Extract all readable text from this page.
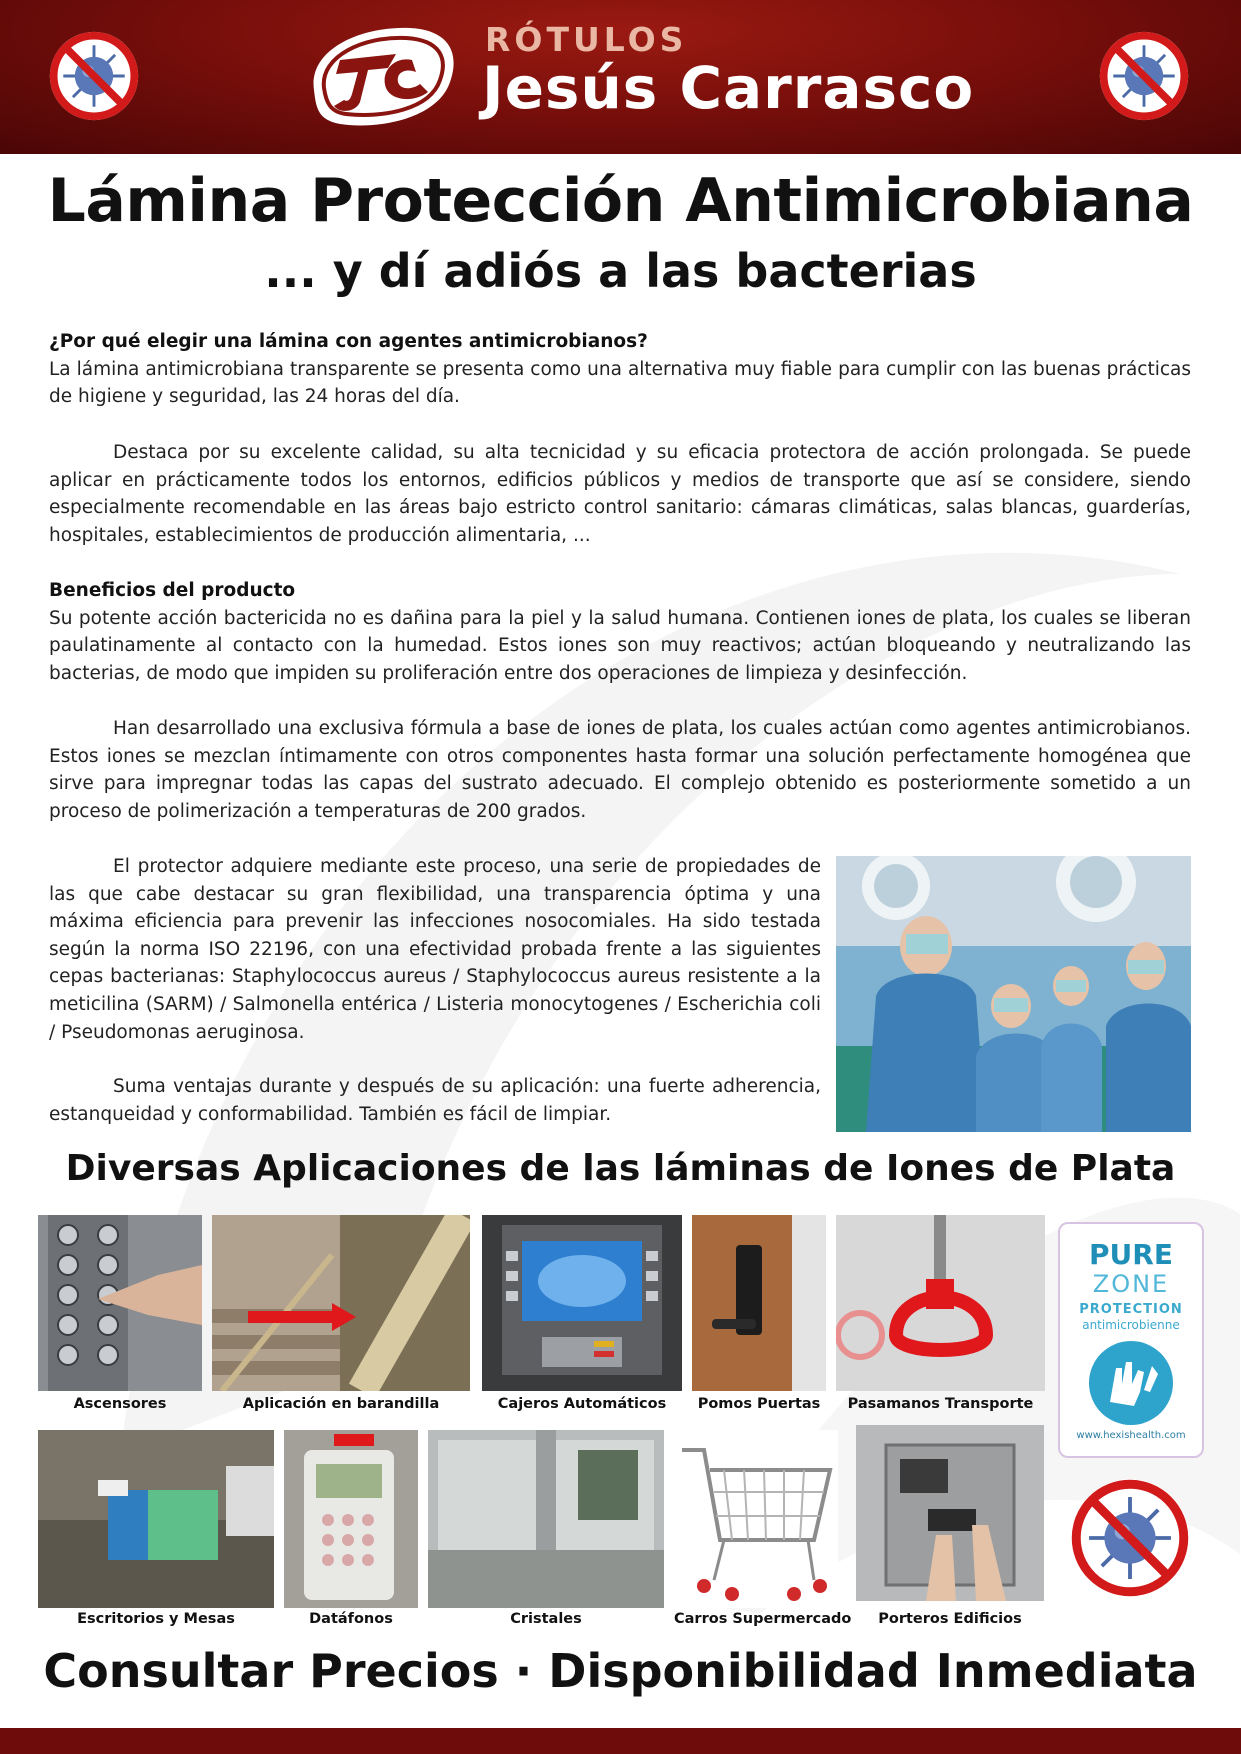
RÓTULOS
Jesús Carrasco
Lámina Protección Antimicrobiana
... y dí adiós a las bacterias

¿Por qué elegir una lámina con agentes antimicrobianos?

La lámina antimicrobiana transparente se presenta como una alternativa muy fiable para cumplir con las buenas prácticas de higiene y seguridad, las 24 horas del día.

Destaca por su excelente calidad, su alta tecnicidad y su eficacia protectora de acción prolongada. Se puede aplicar en prácticamente todos los entornos, edificios públicos y medios de transporte que así se considere, siendo especialmente recomendable en las áreas bajo estricto control sanitario: cámaras climáticas, salas blancas, guarderías, hospitales, establecimientos de producción alimentaria, ...

Beneficios del producto

Su potente acción bactericida no es dañina para la piel y la salud humana. Contienen iones de plata, los cuales se liberan paulatinamente al contacto con la humedad. Estos iones son muy reactivos; actúan bloqueando y neutralizando las bacterias, de modo que impiden su proliferación entre dos operaciones de limpieza y desinfección.

Han desarrollado una exclusiva fórmula a base de iones de plata, los cuales actúan como agentes antimicrobianos. Estos iones se mezclan íntimamente con otros componentes hasta formar una solución perfectamente homogénea que sirve para impregnar todas las capas del sustrato adecuado. El complejo obtenido es posteriormente sometido a un proceso de polimerización a temperaturas de 200 grados.

El protector adquiere mediante este proceso, una serie de propiedades de las que cabe destacar su gran flexibilidad, una transparencia óptima y una máxima eficiencia para prevenir las infecciones nosocomiales. Ha sido testada según la norma ISO 22196, con una efectividad probada frente a las siguientes cepas bacterianas: Staphylococcus aureus / Staphylococcus aureus resistente a la meticilina (SARM) / Salmonella entérica / Listeria monocytogenes / Escherichia coli / Pseudomonas aeruginosa.

Suma ventajas durante y después de su aplicación: una fuerte adherencia, estanqueidad y conformabilidad. También es fácil de limpiar.

Diversas Aplicaciones de las láminas de Iones de Plata
Ascensores	Aplicación en barandilla	Cajeros Automáticos	Pomos Puertas	Pasamanos Transporte
Escritorios y Mesas	Datáfonos	Cristales	Carros Supermercado	Porteros Edificios
PURE
ZONE
PROTECTION
antimicrobienne
www.hexishealth.com
Consultar Precios · Disponibilidad Inmediata
